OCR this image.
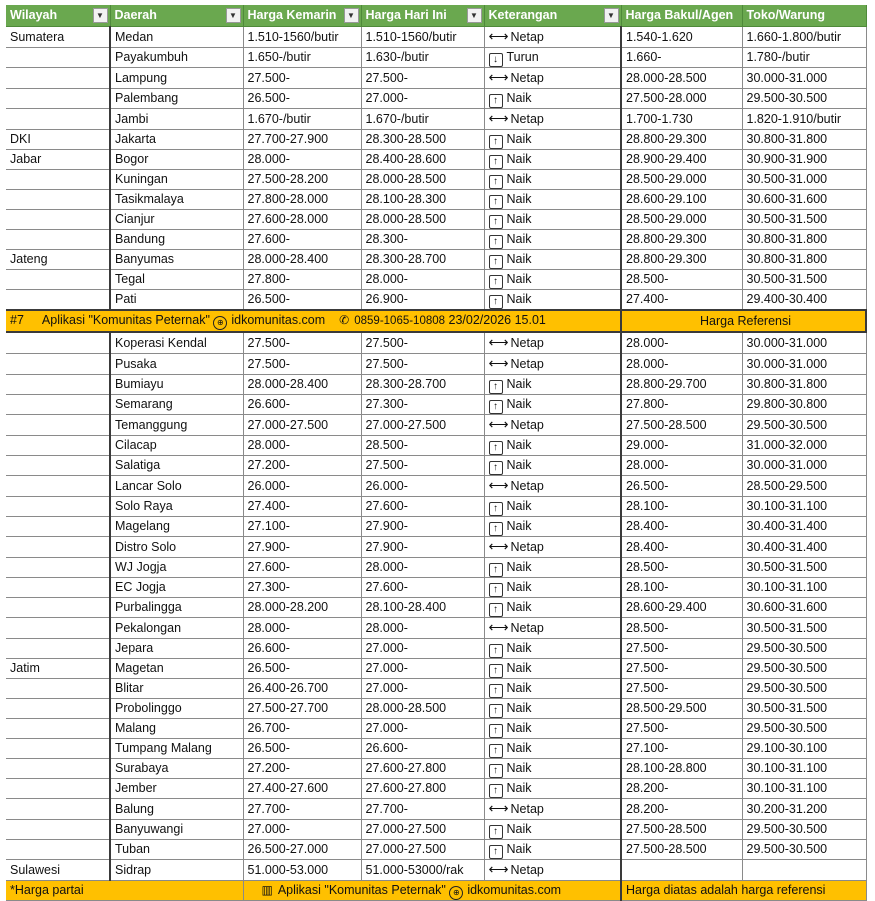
Wilayah ▼	Daerah ▼	Harga Kemarin ▼	Harga Hari Ini ▼	Keterangan ▼	Harga Bakul/Agen	Toko/Warung
Sumatera	Medan	1.510-1560/butir	1.510-1560/butir	⟷ Netap	1.540-1.620	1.660-1.800/butir
	Payakumbuh	1.650-/butir	1.630-/butir	↓ Turun	1.660-	1.780-/butir
	Lampung	27.500-	27.500-	⟷ Netap	28.000-28.500	30.000-31.000
	Palembang	26.500-	27.000-	↑ Naik	27.500-28.000	29.500-30.500
	Jambi	1.670-/butir	1.670-/butir	⟷ Netap	1.700-1.730	1.820-1.910/butir
DKI	Jakarta	27.700-27.900	28.300-28.500	↑ Naik	28.800-29.300	30.800-31.800
Jabar	Bogor	28.000-	28.400-28.600	↑ Naik	28.900-29.400	30.900-31.900
	Kuningan	27.500-28.200	28.000-28.500	↑ Naik	28.500-29.000	30.500-31.000
	Tasikmalaya	27.800-28.000	28.100-28.300	↑ Naik	28.600-29.100	30.600-31.600
	Cianjur	27.600-28.000	28.000-28.500	↑ Naik	28.500-29.000	30.500-31.500
	Bandung	27.600-	28.300-	↑ Naik	28.800-29.300	30.800-31.800
Jateng	Banyumas	28.000-28.400	28.300-28.700	↑ Naik	28.800-29.300	30.800-31.800
	Tegal	27.800-	28.000-	↑ Naik	28.500-	30.500-31.500
	Pati	26.500-	26.900-	↑ Naik	27.400-	29.400-30.400
#7 Aplikasi "Komunitas Peternak" ⊕ idkomunitas.com ✆ 0859-1065-10808 23/02/2026 15.01					Harga Referensi	
	Koperasi Kendal	27.500-	27.500-	⟷ Netap	28.000-	30.000-31.000
	Pusaka	27.500-	27.500-	⟷ Netap	28.000-	30.000-31.000
	Bumiayu	28.000-28.400	28.300-28.700	↑ Naik	28.800-29.700	30.800-31.800
	Semarang	26.600-	27.300-	↑ Naik	27.800-	29.800-30.800
	Temanggung	27.000-27.500	27.000-27.500	⟷ Netap	27.500-28.500	29.500-30.500
	Cilacap	28.000-	28.500-	↑ Naik	29.000-	31.000-32.000
	Salatiga	27.200-	27.500-	↑ Naik	28.000-	30.000-31.000
	Lancar Solo	26.000-	26.000-	⟷ Netap	26.500-	28.500-29.500
	Solo Raya	27.400-	27.600-	↑ Naik	28.100-	30.100-31.100
	Magelang	27.100-	27.900-	↑ Naik	28.400-	30.400-31.400
	Distro Solo	27.900-	27.900-	⟷ Netap	28.400-	30.400-31.400
	WJ Jogja	27.600-	28.000-	↑ Naik	28.500-	30.500-31.500
	EC Jogja	27.300-	27.600-	↑ Naik	28.100-	30.100-31.100
	Purbalingga	28.000-28.200	28.100-28.400	↑ Naik	28.600-29.400	30.600-31.600
	Pekalongan	28.000-	28.000-	⟷ Netap	28.500-	30.500-31.500
	Jepara	26.600-	27.000-	↑ Naik	27.500-	29.500-30.500
Jatim	Magetan	26.500-	27.000-	↑ Naik	27.500-	29.500-30.500
	Blitar	26.400-26.700	27.000-	↑ Naik	27.500-	29.500-30.500
	Probolinggo	27.500-27.700	28.000-28.500	↑ Naik	28.500-29.500	30.500-31.500
	Malang	26.700-	27.000-	↑ Naik	27.500-	29.500-30.500
	Tumpang Malang	26.500-	26.600-	↑ Naik	27.100-	29.100-30.100
	Surabaya	27.200-	27.600-27.800	↑ Naik	28.100-28.800	30.100-31.100
	Jember	27.400-27.600	27.600-27.800	↑ Naik	28.200-	30.100-31.100
	Balung	27.700-	27.700-	⟷ Netap	28.200-	30.200-31.200
	Banyuwangi	27.000-	27.000-27.500	↑ Naik	27.500-28.500	29.500-30.500
	Tuban	26.500-27.000	27.000-27.500	↑ Naik	27.500-28.500	29.500-30.500
Sulawesi	Sidrap	51.000-53.000	51.000-53000/rak	⟷ Netap		
*Harga partai		▥ Aplikasi "Komunitas Peternak" ⊕ idkomunitas.com			Harga diatas adalah harga referensi	
